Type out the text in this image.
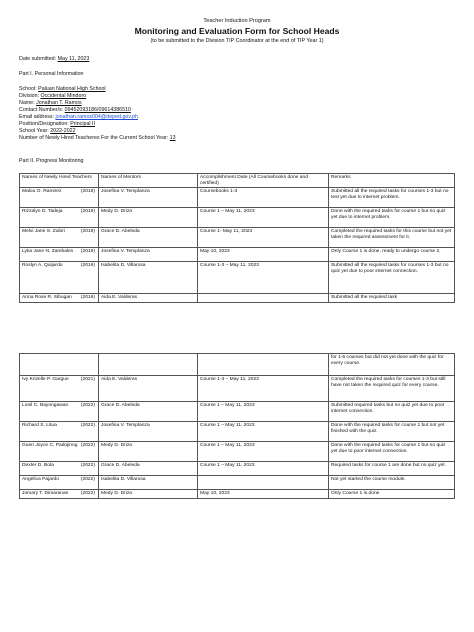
Teacher Induction Program
Monitoring and Evaluation Form for School Heads
(to be submitted to the Division TIP Coordinator at the end of TIP Year 1)
Date submitted: May 11, 2023
Part I. Personal Information
School: Paluan National High School
Division: Occidental Mindoro
Name: Jonathan T. Ramos
Contact Number/s: 09452093186/09614386510
Email address: jonathan.ramos004@deped.gov.ph
Position/Designation: Principal II
School Year: 2022-2022
Number of Newly Hired Teacheres For the Current School Year: 13
Part II. Progress Monitoring
Names of Newly Hired Teachers	Names of Mentors	Accomplishment Date (All Coursebooks done and certified)	Remarks
Malou O. Ramirez (2018)	Josefina V. Templanza	Coursebooks 1-3	Submitted all the required tasks for courses 1-3 but no test yet due to internet problem.
Rizzalyn D. Tadeja (2019)	Medy D. Driza	Course 1 – May 11, 2023	Done with the required tasks for course 1 but no quiz yet due to internet problem.
Melvi Jane S. Zubiri (2019)	Grace D. Abeleda	Course 1- May 11, 2023	Completed the required tasks for this course but not yet taken the required assessment for it.
Lyka Jane N. Zambales (2019)	Josefina V. Templanza	May 10, 2023	Only Course 1 is done, ready to undergo course 2.
Roslyn A. Quijardo (2019)	Isabelita D. Villarosa	Course 1-3 – May 11, 2023	Submitted all the required tasks for courses 1-3 but no quiz yet due to poor internet connection.
Anna Rose R. Sibugan (2019)	Aida E. Valderas		Submitted all the required task
			for 1-6 courses but did not yet done with the quiz for every course.
Ivy Krizelle P. Gargue (2021)	Aida E. Valderas	Course 1-3 – May 11, 2023	Completed the required tasks for courses 1-3 but still have not taken the required quiz for every course.
Lonil C. Bayongawan (2022)	Grace D. Abeleda	Course 1 – May 11, 2023	Submitted required tasks but no quiz yet due to poor internet connection.
Richard S. Litua (2022)	Josefina V. Templanza	Course 1 – May 11, 2023	Done with the required tasks for course 1 but not yet finished with the quiz.
Guen Joyce C. Padojinog (2022)	Medy D. Driza	Course 1 – May 11, 2023	Done with the required tasks for course 1 but no quiz yet due to poor internet connection.
Dexter D. Bola (2022)	Grace D. Abeleda	Course 1 – May 11, 2023	Required tasks for course 1 are done but no quiz yet.
Angelica Pajardo (2022)	Isabelita D. Villarosa		Not yet started the course module.
Jomary T. Dimaranan (2022)	Medy D. Driza	May 10, 2023	Only Course 1 is done
